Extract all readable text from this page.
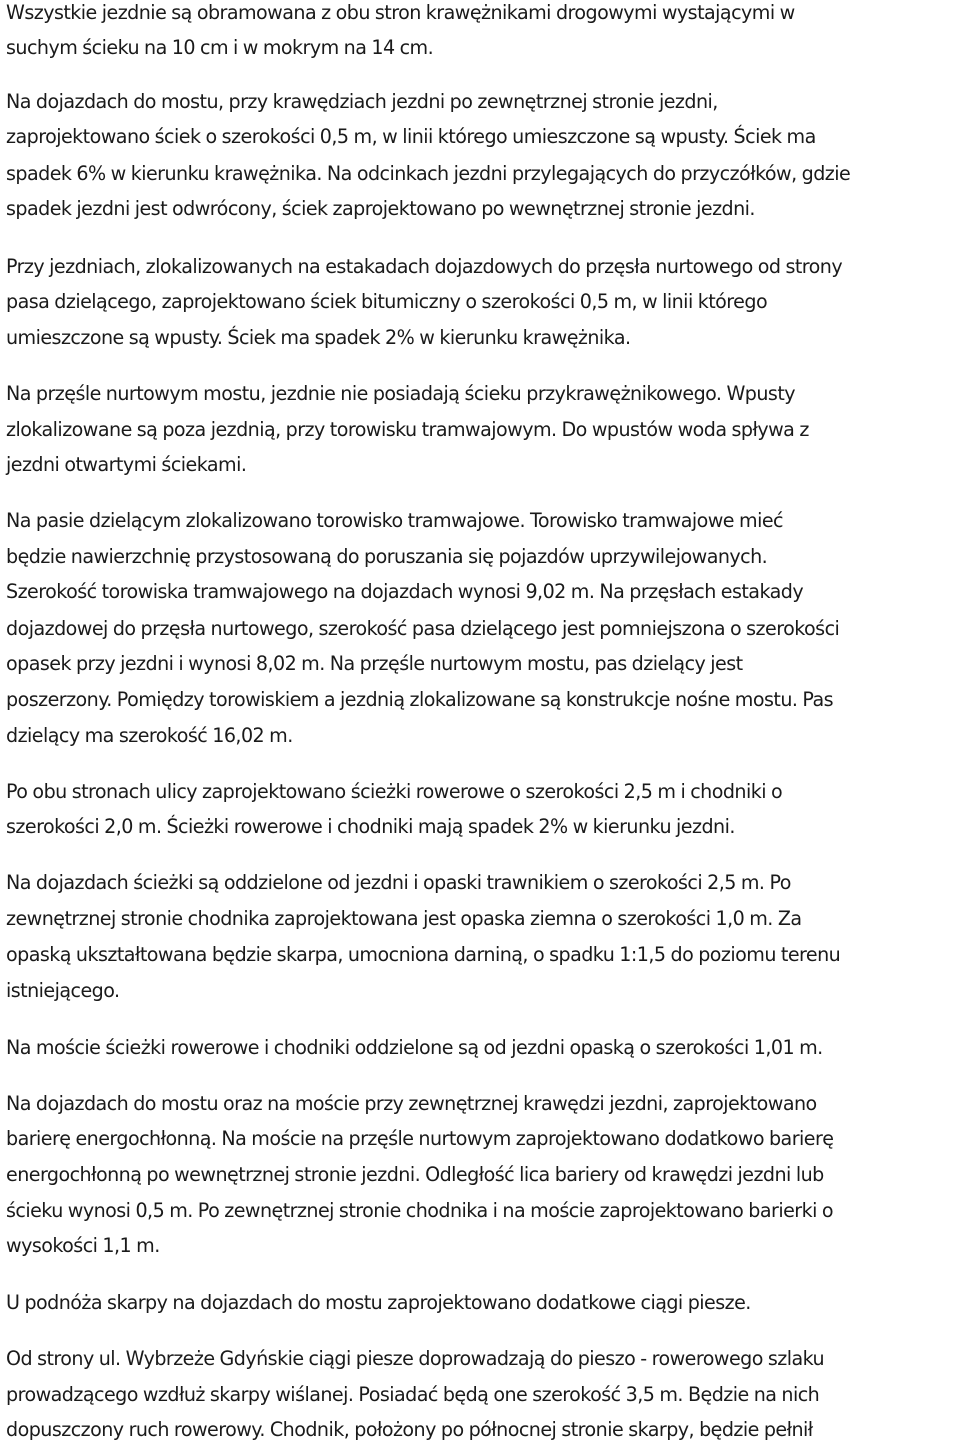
Wszystkie jezdnie są obramowana z obu stron krawężnikami drogowymi wystającymi w
suchym ścieku na 10 cm i w mokrym na 14 cm.
Na dojazdach do mostu, przy krawędziach jezdni po zewnętrznej stronie jezdni,
zaprojektowano ściek o szerokości 0,5 m, w linii którego umieszczone są wpusty. Ściek ma
spadek 6% w kierunku krawężnika. Na odcinkach jezdni przylegających do przyczółków, gdzie
spadek jezdni jest odwrócony, ściek zaprojektowano po wewnętrznej stronie jezdni.
Przy jezdniach, zlokalizowanych na estakadach dojazdowych do przęsła nurtowego od strony
pasa dzielącego, zaprojektowano ściek bitumiczny o szerokości 0,5 m, w linii którego
umieszczone są wpusty. Ściek ma spadek 2% w kierunku krawężnika.
Na przęśle nurtowym mostu, jezdnie nie posiadają ścieku przykrawężnikowego. Wpusty
zlokalizowane są poza jezdnią, przy torowisku tramwajowym. Do wpustów woda spływa z
jezdni otwartymi ściekami.
Na pasie dzielącym zlokalizowano torowisko tramwajowe. Torowisko tramwajowe mieć
będzie nawierzchnię przystosowaną do poruszania się pojazdów uprzywilejowanych.
Szerokość torowiska tramwajowego na dojazdach wynosi 9,02 m. Na przęsłach estakady
dojazdowej do przęsła nurtowego, szerokość pasa dzielącego jest pomniejszona o szerokości
opasek przy jezdni i wynosi 8,02 m. Na przęśle nurtowym mostu, pas dzielący jest
poszerzony. Pomiędzy torowiskiem a jezdnią zlokalizowane są konstrukcje nośne mostu. Pas
dzielący ma szerokość 16,02 m.
Po obu stronach ulicy zaprojektowano ścieżki rowerowe o szerokości 2,5 m i chodniki o
szerokości 2,0 m. Ścieżki rowerowe i chodniki mają spadek 2% w kierunku jezdni.
Na dojazdach ścieżki są oddzielone od jezdni i opaski trawnikiem o szerokości 2,5 m. Po
zewnętrznej stronie chodnika zaprojektowana jest opaska ziemna o szerokości 1,0 m. Za
opaską ukształtowana będzie skarpa, umocniona darniną, o spadku 1:1,5 do poziomu terenu
istniejącego.
Na moście ścieżki rowerowe i chodniki oddzielone są od jezdni opaską o szerokości 1,01 m.
Na dojazdach do mostu oraz na moście przy zewnętrznej krawędzi jezdni, zaprojektowano
barierę energochłonną. Na moście na przęśle nurtowym zaprojektowano dodatkowo barierę
energochłonną po wewnętrznej stronie jezdni. Odległość lica bariery od krawędzi jezdni lub
ścieku wynosi 0,5 m. Po zewnętrznej stronie chodnika i na moście zaprojektowano barierki o
wysokości 1,1 m.
U podnóża skarpy na dojazdach do mostu zaprojektowano dodatkowe ciągi piesze.
Od strony ul. Wybrzeże Gdyńskie ciągi piesze doprowadzają do pieszo - rowerowego szlaku
prowadzącego wzdłuż skarpy wiślanej. Posiadać będą one szerokość 3,5 m. Będzie na nich
dopuszczony ruch rowerowy. Chodnik, położony po północnej stronie skarpy, będzie pełnił
